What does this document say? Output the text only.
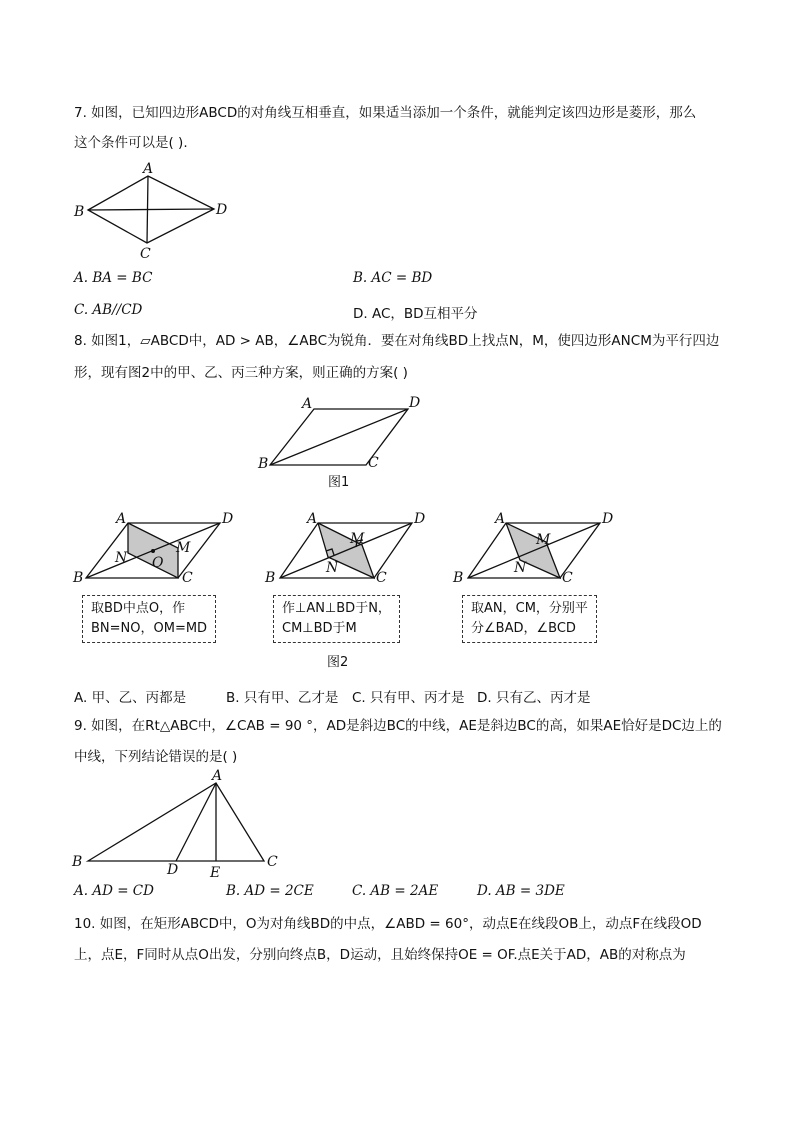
7. 如图，已知四边形ABCD的对角线互相垂直，如果适当添加一个条件，就能判定该四边形是菱形，那么
这个条件可以是( ).
A
B	D
C
A. BA = BC	B. AC = BD
C. AB//CD	D. AC，BD互相平分
8. 如图1，▱ABCD中，AD > AB，∠ABC为锐角．要在对角线BD上找点N，M，使四边形ANCM为平行四边
形，现有图2中的甲、乙、丙三种方案，则正确的方案( )
A	D
B	C
图1
A	D
B	C
M
N O
A	D
B	C
M
N
A	D
B	C
M
N
取BD中点O，作
BN=NO，OM=MD
作⊥AN⊥BD于N，
CM⊥BD于M
取AN，CM，分别平
分∠BAD，∠BCD
图2
A. 甲、乙、丙都是	B. 只有甲、乙才是 C. 只有甲、丙才是 D. 只有乙、丙才是
9. 如图，在Rt△ABC中，∠CAB = 90 °，AD是斜边BC的中线，AE是斜边BC的高，如果AE恰好是DC边上的
中线，下列结论错误的是( )
A
B	C
D E
A. AD = CD	B. AD = 2CE	C. AB = 2AE	D. AB = 3DE
10. 如图，在矩形ABCD中，O为对角线BD的中点，∠ABD = 60°，动点E在线段OB上，动点F在线段OD
上，点E，F同时从点O出发，分别向终点B，D运动，且始终保持OE = OF.点E关于AD，AB的对称点为
